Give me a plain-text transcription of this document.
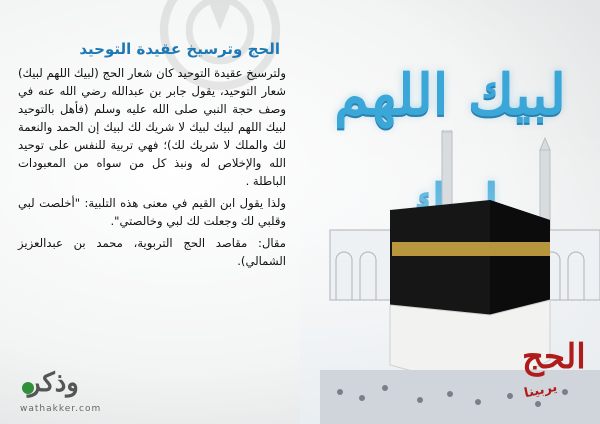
لبيك اللهم
الحج وترسيخ عقيدة التوحيد

ولترسيخ عقيدة التوحيد كان شعار الحج (لبيك اللهم لبيك) شعار التوحيد، يقول جابر بن عبدالله رضي الله عنه في وصف حجة النبي صلى الله عليه وسلم (فأهل بالتوحيد لبيك اللهم لبيك لبيك لا شريك لك لبيك إن الحمد والنعمة لك والملك لا شريك لك)؛ فهي تربية للنفس على توحيد الله والإخلاص له ونبذ كل من سواه من المعبودات الباطلة .

ولذا يقول ابن القيم في معنى هذه التلبية: "أخلصت لبي وقلبي لك وجعلت لك لبي وخالصتي".

مقال: مقاصد الحج التربوية، محمد بن عبدالعزيز الشمالي).

وذكر
wathakker.com
الحج
يربينا
